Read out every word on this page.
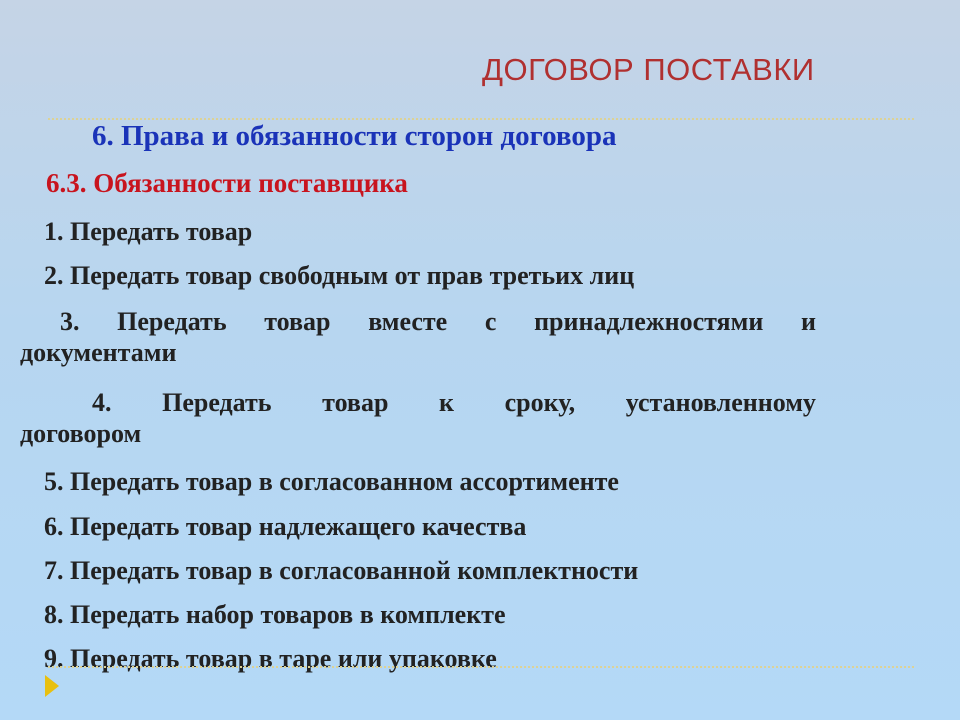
ДОГОВОР ПОСТАВКИ
6. Права и обязанности сторон договора
6.3. Обязанности поставщика
1. Передать товар
2. Передать товар свободным от прав третьих лиц
3. Передать товар вместе с принадлежностями и
документами
4. Передать товар к сроку, установленному
договором
5. Передать товар в согласованном ассортименте
6. Передать товар надлежащего качества
7. Передать товар в согласованной комплектности
8. Передать набор товаров в комплекте
9. Передать товар в таре или упаковке
